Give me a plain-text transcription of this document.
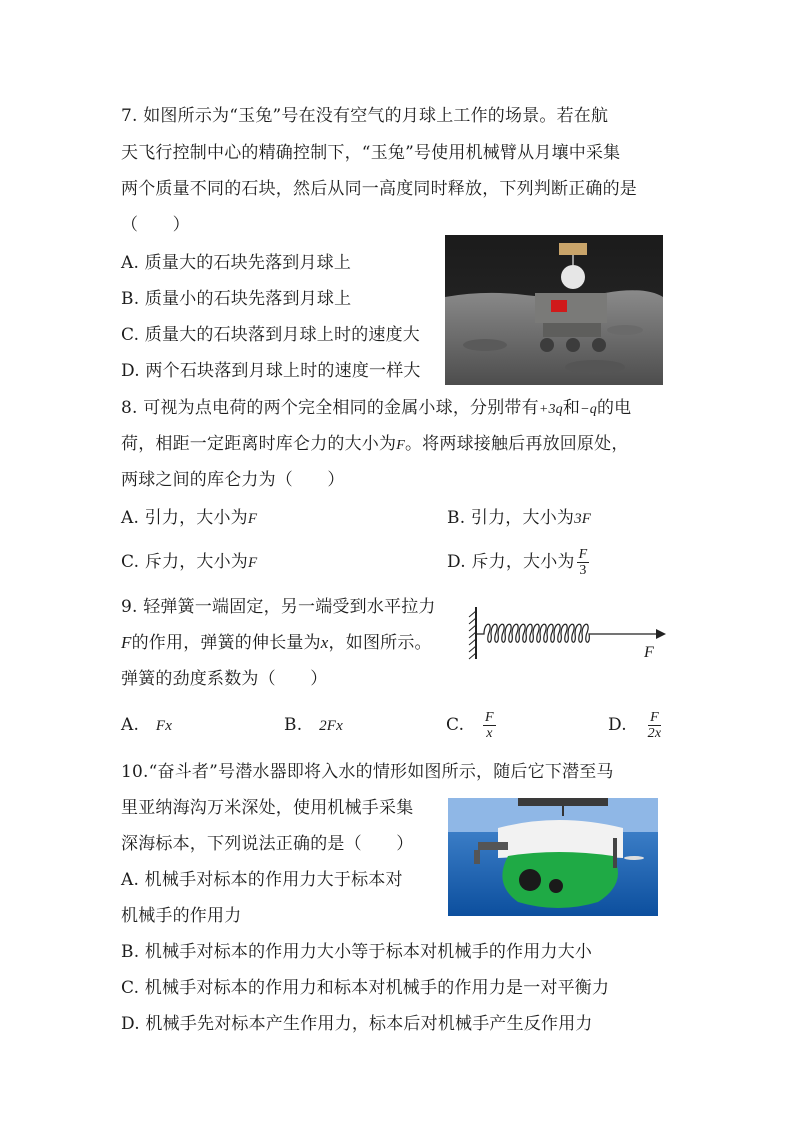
7. 如图所示为“玉兔”号在没有空气的月球上工作的场景。若在航
天飞行控制中心的精确控制下，“玉兔”号使用机械臂从月壤中采集
两个质量不同的石块，然后从同一高度同时释放，下列判断正确的是
（　　）
A. 质量大的石块先落到月球上
B. 质量小的石块先落到月球上
C. 质量大的石块落到月球上时的速度大
D. 两个石块落到月球上时的速度一样大
8. 可视为点电荷的两个完全相同的金属小球，分别带有+3q和−q的电
荷，相距一定距离时库仑力的大小为F。将两球接触后再放回原处，
两球之间的库仑力为（　　）
A. 引力，大小为F	B. 引力，大小为3F
C. 斥力，大小为F	D. 斥力，大小为 $\frac{F}{3}$
9. 轻弹簧一端固定，另一端受到水平拉力
F的作用，弹簧的伸长量为x，如图所示。
弹簧的劲度系数为（　　）
F
A. Fx	B. 2Fx	C. $\frac{F}{x}$	D. $\frac{F}{2x}$
10.“奋斗者”号潜水器即将入水的情形如图所示，随后它下潜至马
里亚纳海沟万米深处，使用机械手采集
深海标本，下列说法正确的是（　　）
A. 机械手对标本的作用力大于标本对
机械手的作用力
B. 机械手对标本的作用力大小等于标本对机械手的作用力大小
C. 机械手对标本的作用力和标本对机械手的作用力是一对平衡力
D. 机械手先对标本产生作用力，标本后对机械手产生反作用力
